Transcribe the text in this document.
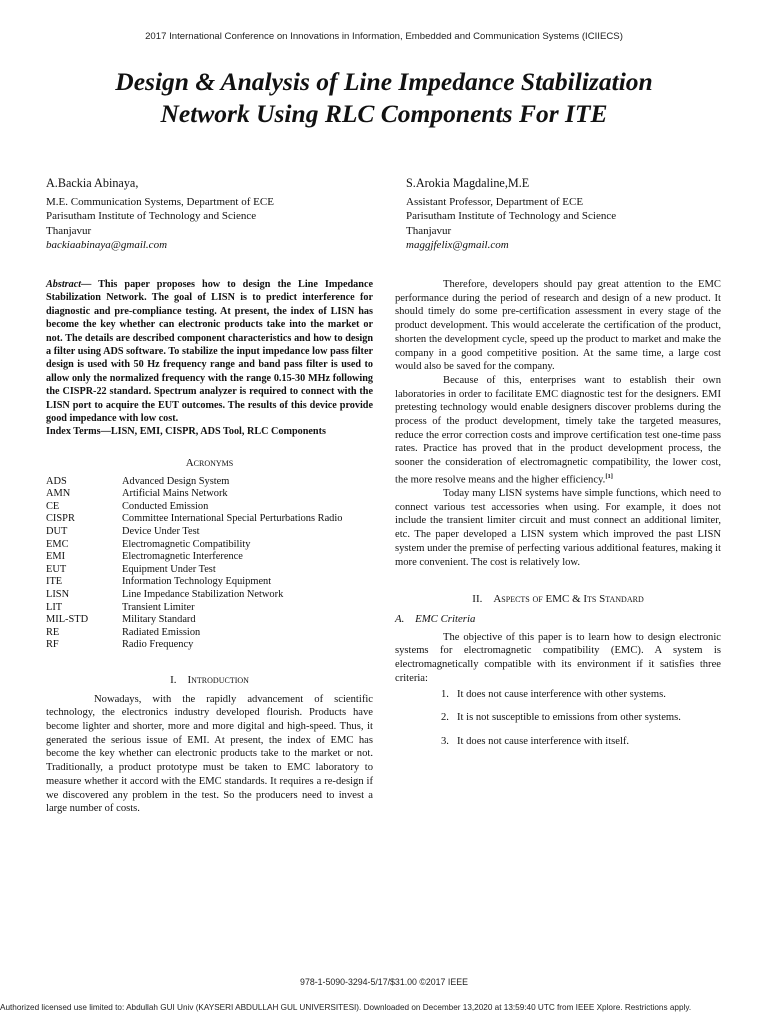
2017 International Conference on Innovations in Information, Embedded and Communication Systems (ICIIECS)
Design & Analysis of Line Impedance Stabilization
Network Using RLC Components For ITE
A.Backia Abinaya,
M.E. Communication Systems, Department of ECE
Parisutham Institute of Technology and Science
Thanjavur
backiaabinaya@gmail.com
S.Arokia Magdaline,M.E
Assistant Professor, Department of ECE
Parisutham Institute of Technology and Science
Thanjavur
maggjfelix@gmail.com

Abstract— This paper proposes how to design the Line Impedance Stabilization Network. The goal of LISN is to predict interference for diagnostic and pre-compliance testing. At present, the index of LISN has become the key whether can electronic products take into the market or not. The details are described component characteristics and how to design a filter using ADS software. To stabilize the input impedance low pass filter design is used with 50 Hz frequency range and band pass filter is used to allow only the normalized frequency with the range 0.15-30 MHz following the CISPR-22 standard. Spectrum analyzer is required to connect with the LISN port to acquire the EUT outcomes. The results of this device provide good impedance with low cost.

Index Terms—LISN, EMI, CISPR, ADS Tool, RLC Components

Acronyms

ADS	Advanced Design System
AMN	Artificial Mains Network
CE	Conducted Emission
CISPR	Committee International Special Perturbations Radio
DUT	Device Under Test
EMC	Electromagnetic Compatibility
EMI	Electromagnetic Interference
EUT	Equipment Under Test
ITE	Information Technology Equipment
LISN	Line Impedance Stabilization Network
LIT	Transient Limiter
MIL-STD	Military Standard
RE	Radiated Emission
RF	Radio Frequency

I. Introduction

Nowadays, with the rapidly advancement of scientific technology, the electronics industry developed flourish. Products have become lighter and shorter, more and more digital and high-speed. Thus, it generated the serious issue of EMI. At present, the index of EMC has become the key whether can electronic products take to the market or not. Traditionally, a product prototype must be taken to EMC laboratory to measure whether it accord with the EMC standards. It requires a re-design if we discovered any problem in the test. So the producers need to invest a large number of costs.

Therefore, developers should pay great attention to the EMC performance during the period of research and design of a new product. It should timely do some pre-certification assessment in every stage of the product development. This would accelerate the certification of the product, shorten the development cycle, speed up the product to market and make the company in a good competitive position. At the same time, a large cost would also be saved for the company.

Because of this, enterprises want to establish their own laboratories in order to facilitate EMC diagnostic test for the designers. EMI pretesting technology would enable designers discover problems during the process of the product development, timely take the targeted measures, reduce the error correction costs and improve certification test one-time pass rates. Practice has proved that in the product development process, the sooner the consideration of electromagnetic compatibility, the lower cost, the more resolve means and the higher efficiency.[1]

Today many LISN systems have simple functions, which need to connect various test accessories when using. For example, it does not include the transient limiter circuit and must connect an additional limiter, etc. The paper developed a LISN system which improved the past LISN system under the premise of perfecting various additional features, making it more convenient. The cost is relatively low.

II. Aspects of EMC & Its Standard

A. EMC Criteria

The objective of this paper is to learn how to design electronic systems for electromagnetic compatibility (EMC). A system is electromagnetically compatible with its environment if it satisfies three criteria:

1. It does not cause interference with other systems.
2. It is not susceptible to emissions from other systems.
3. It does not cause interference with itself.
978-1-5090-3294-5/17/$31.00 ©2017 IEEE
Authorized licensed use limited to: Abdullah GUI Univ (KAYSERI ABDULLAH GUL UNIVERSITESI). Downloaded on December 13,2020 at 13:59:40 UTC from IEEE Xplore. Restrictions apply.
